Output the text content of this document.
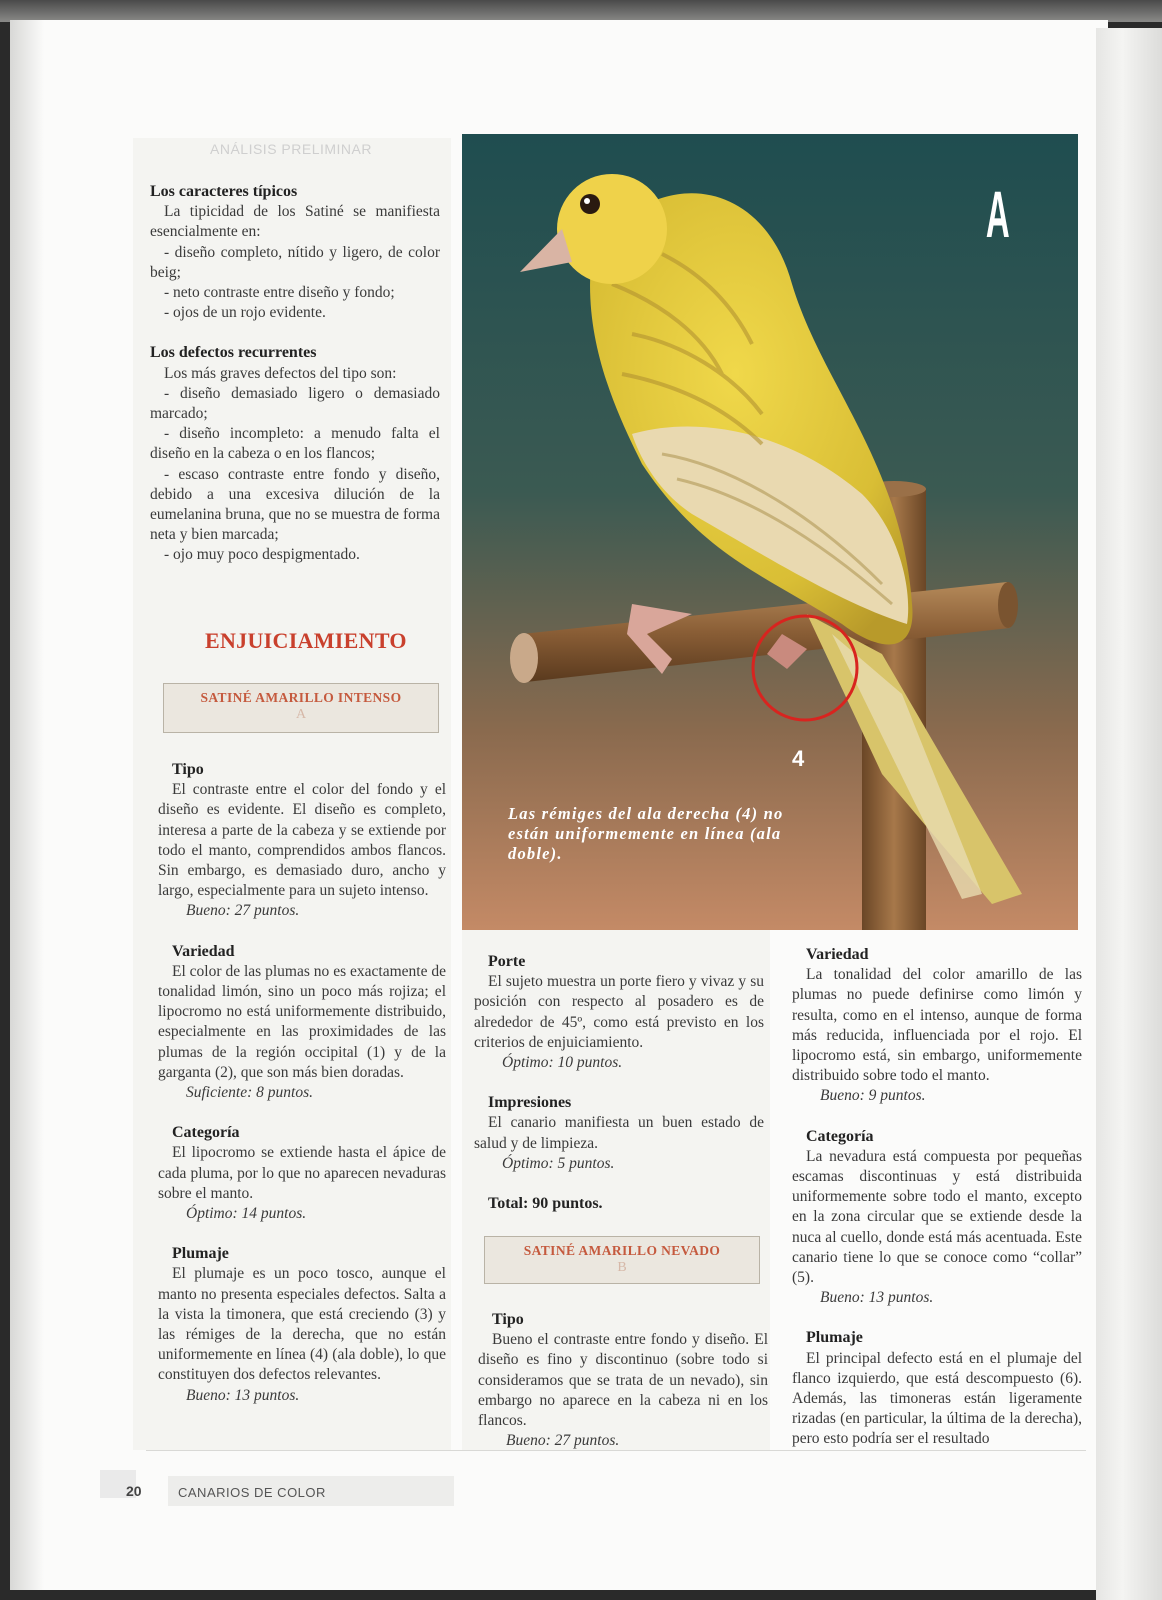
ANÁLISIS PRELIMINAR
Los caracteres típicos

La tipicidad de los Satiné se manifiesta esencialmente en:

- diseño completo, nítido y ligero, de color beig;

- neto contraste entre diseño y fondo;

- ojos de un rojo evidente.

Los defectos recurrentes

Los más graves defectos del tipo son:

- diseño demasiado ligero o demasiado marcado;

- diseño incompleto: a menudo falta el diseño en la cabeza o en los flancos;

- escaso contraste entre fondo y diseño, debido a una excesiva dilución de la eumelanina bruna, que no se muestra de forma neta y bien marcada;

- ojo muy poco despigmentado.

ENJUICIAMIENTO
SATINÉ AMARILLO INTENSO
A
Tipo

El contraste entre el color del fondo y el diseño es evidente. El diseño es completo, interesa a parte de la cabeza y se extiende por todo el manto, comprendidos ambos flancos. Sin embargo, es demasiado duro, ancho y largo, especialmente para un sujeto intenso.

Bueno: 27 puntos.

Variedad

El color de las plumas no es exactamente de tonalidad limón, sino un poco más rojiza; el lipocromo no está uniformemente distribuido, especialmente en las proximidades de las plumas de la región occipital (1) y de la garganta (2), que son más bien doradas.

Suficiente: 8 puntos.

Categoría

El lipocromo se extiende hasta el ápice de cada pluma, por lo que no aparecen nevaduras sobre el manto.

Óptimo: 14 puntos.

Plumaje

El plumaje es un poco tosco, aunque el manto no presenta especiales defectos. Salta a la vista la timonera, que está creciendo (3) y las rémiges de la derecha, que no están uniformemente en línea (4) (ala doble), lo que constituyen dos defectos relevantes.

Bueno: 13 puntos.

A
4
Las rémiges del ala derecha (4) no están uniformemente en línea (ala doble).
Porte

El sujeto muestra un porte fiero y vivaz y su posición con respecto al posadero es de alrededor de 45º, como está previsto en los criterios de enjuiciamiento.

Óptimo: 10 puntos.

Impresiones

El canario manifiesta un buen estado de salud y de limpieza.

Óptimo: 5 puntos.

Total: 90 puntos.
SATINÉ AMARILLO NEVADO
B
Tipo

Bueno el contraste entre fondo y diseño. El diseño es fino y discontinuo (sobre todo si consideramos que se trata de un nevado), sin embargo no aparece en la cabeza ni en los flancos.

Bueno: 27 puntos.

Variedad

La tonalidad del color amarillo de las plumas no puede definirse como limón y resulta, como en el intenso, aunque de forma más reducida, influenciada por el rojo. El lipocromo está, sin embargo, uniformemente distribuido sobre todo el manto.

Bueno: 9 puntos.

Categoría

La nevadura está compuesta por pequeñas escamas discontinuas y está distribuida uniformemente sobre todo el manto, excepto en la zona circular que se extiende desde la nuca al cuello, donde está más acentuada. Este canario tiene lo que se conoce como “collar” (5).

Bueno: 13 puntos.

Plumaje

El principal defecto está en el plumaje del flanco izquierdo, que está descompuesto (6). Además, las timoneras están ligeramente rizadas (en particular, la última de la derecha), pero esto podría ser el resultado

20	CANARIOS DE COLOR
